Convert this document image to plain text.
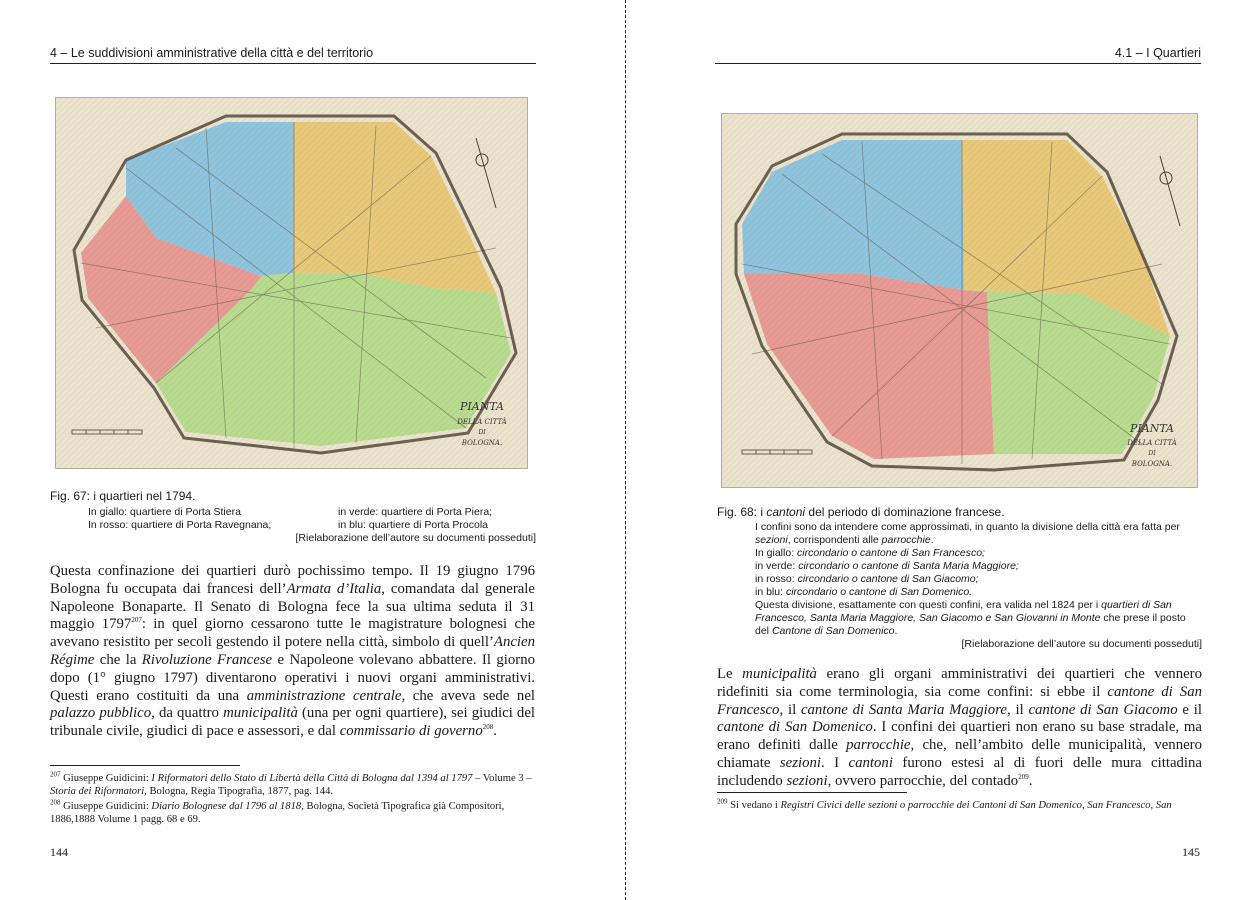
4 – Le suddivisioni amministrative della città e del territorio
PIANTA
DELLA CITTÀ
DI
BOLOGNA.
Fig. 67: i quartieri nel 1794.
In giallo: quartiere di Porta Stiera	in verde: quartiere di Porta Piera;
In rosso: quartiere di Porta Ravegnana;	in blu: quartiere di Porta Procola
[Rielaborazione dell’autore su documenti posseduti]
Questa confinazione dei quartieri durò pochissimo tempo. Il 19 giugno 1796 Bologna fu occupata dai francesi dell’Armata d’Italia, comandata dal generale Napoleone Bonaparte. Il Senato di Bologna fece la sua ultima seduta il 31 maggio 1797$^{207}$: in quel giorno cessarono tutte le magistrature bolognesi che avevano resistito per secoli gestendo il potere nella città, simbolo di quell’Ancien Régime che la Rivoluzione Francese e Napoleone volevano abbattere. Il giorno dopo (1° giugno 1797) diventarono operativi i nuovi organi amministrativi. Questi erano costituiti da una amministrazione centrale, che aveva sede nel palazzo pubblico, da quattro municipalità (una per ogni quartiere), sei giudici del tribunale civile, giudici di pace e assessori, e dal commissario di governo$^{208}$.
$^{207}$ Giuseppe Guidicini: I Riformatori dello Stato di Libertà della Città di Bologna dal 1394 al 1797 – Volume 3 – Storia dei Riformatori, Bologna, Regia Tipografia, 1877, pag. 144.
$^{208}$ Giuseppe Guidicini: Diario Bolognese dal 1796 al 1818, Bologna, Società Tipografica già Compositori, 1886,1888 Volume 1 pagg. 68 e 69.
144
4.1 – I Quartieri
PIANTA
DELLA CITTÀ
DI
BOLOGNA.
Fig. 68: i cantoni del periodo di dominazione francese.
I confini sono da intendere come approssimati, in quanto la divisione della città era fatta per sezioni, corrispondenti alle parrocchie.
In giallo: circondario o cantone di San Francesco;
in verde: circondario o cantone di Santa Maria Maggiore;
in rosso: circondario o cantone di San Giacomo;
in blu: circondario o cantone di San Domenico.
Questa divisione, esattamente con questi confini, era valida nel 1824 per i quartieri di San Francesco, Santa Maria Maggiore, San Giacomo e San Giovanni in Monte che prese il posto del Cantone di San Domenico.
[Rielaborazione dell’autore su documenti posseduti]
Le municipalità erano gli organi amministrativi dei quartieri che vennero ridefiniti sia come terminologia, sia come confini: si ebbe il cantone di San Francesco, il cantone di Santa Maria Maggiore, il cantone di San Giacomo e il cantone di San Domenico. I confini dei quartieri non erano su base stradale, ma erano definiti dalle parrocchie, che, nell’ambito delle municipalità, vennero chiamate sezioni. I cantoni furono estesi al di fuori delle mura cittadina includendo sezioni, ovvero parrocchie, del contado$^{209}$.
$^{209}$ Si vedano i Registri Civici delle sezioni o parrocchie dei Cantoni di San Domenico, San Francesco, San
145
